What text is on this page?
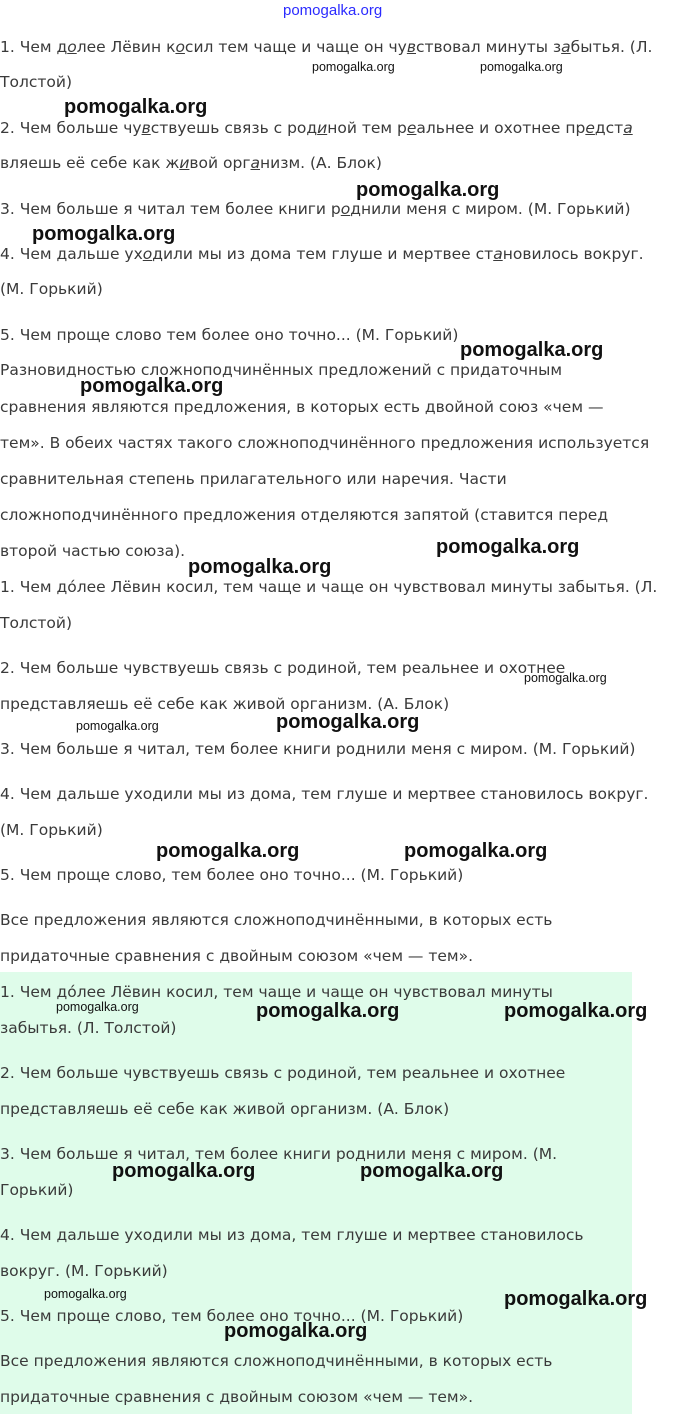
pomogalka.org
1. Чем долее Лёвин косил тем чаще и чаще он чувствовал минуты забытья. (Л.
Толстой)
2. Чем больше чувствуешь связь с родиной тем реальнее и охотнее предста
вляешь её себе как живой организм. (А. Блок)
3. Чем больше я читал тем более книги роднили меня с миром. (М. Горький)
4. Чем дальше уходили мы из дома тем глуше и мертвее становилось вокруг.
(М. Горький)
5. Чем проще слово тем более оно точно... (М. Горький)
Разновидностью сложноподчинённых предложений с придаточным
сравнения являются предложения, в которых есть двойной союз «чем —
тем». В обеих частях такого сложноподчинённого предложения используется
сравнительная степень прилагательного или наречия. Части
сложноподчинённого предложения отделяются запятой (ставится перед
второй частью союза).
1. Чем до́лее Лёвин косил, тем чаще и чаще он чувствовал минуты забытья. (Л.
Толстой)
2. Чем больше чувствуешь связь с родиной, тем реальнее и охотнее
представляешь её себе как живой организм. (А. Блок)
3. Чем больше я читал, тем более книги роднили меня с миром. (М. Горький)
4. Чем дальше уходили мы из дома, тем глуше и мертвее становилось вокруг.
(М. Горький)
5. Чем проще слово, тем более оно точно... (М. Горький)
Все предложения являются сложноподчинёнными, в которых есть
придаточные сравнения с двойным союзом «чем — тем».
1. Чем до́лее Лёвин косил, тем чаще и чаще он чувствовал минуты
забытья. (Л. Толстой)
2. Чем больше чувствуешь связь с родиной, тем реальнее и охотнее
представляешь её себе как живой организм. (А. Блок)
3. Чем больше я читал, тем более книги роднили меня с миром. (М.
Горький)
4. Чем дальше уходили мы из дома, тем глуше и мертвее становилось
вокруг. (М. Горький)
5. Чем проще слово, тем более оно точно... (М. Горький)
Все предложения являются сложноподчинёнными, в которых есть
придаточные сравнения с двойным союзом «чем — тем».
pomogalka.org	pomogalka.org
pomogalka.org
pomogalka.org
pomogalka.org
pomogalka.org
pomogalka.org
pomogalka.org
pomogalka.org
pomogalka.org
pomogalka.org	pomogalka.org
pomogalka.org	pomogalka.org
pomogalka.org	pomogalka.org	pomogalka.org
pomogalka.org	pomogalka.org
pomogalka.org	pomogalka.org
pomogalka.org
